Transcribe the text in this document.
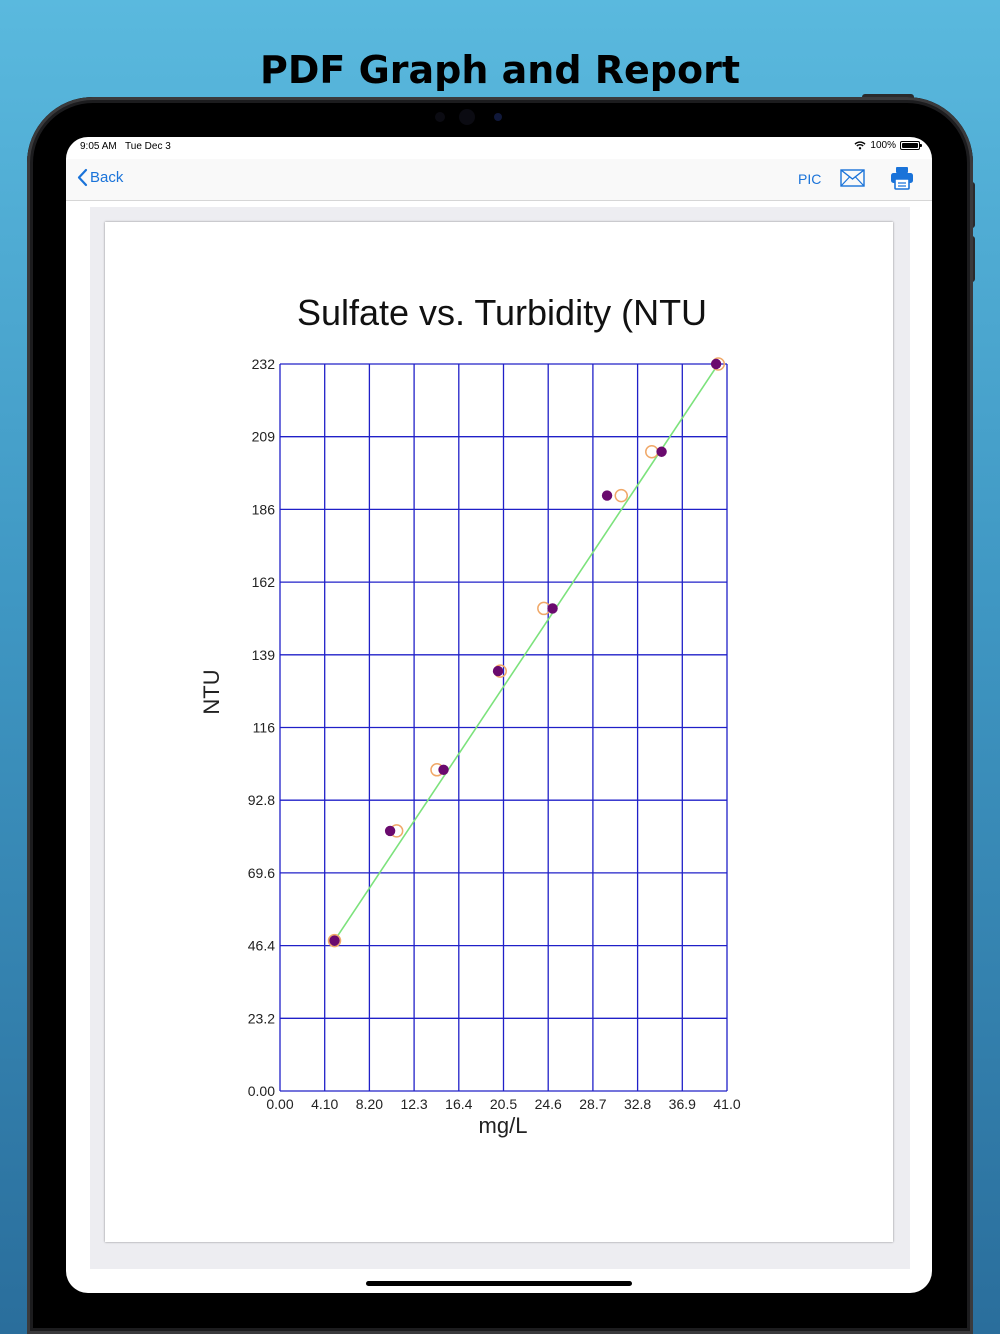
PDF Graph and Report
9:05 AM Tue Dec 3	100%
Back	PIC
Sulfate vs. Turbidity (NTU
0.00 4.10 8.20 12.3 16.4 20.5 24.6 28.7 32.8 36.9 41.0
0.00
23.2
46.4
69.6
92.8
116
139
162
186
209
232
mg/L
NTU
